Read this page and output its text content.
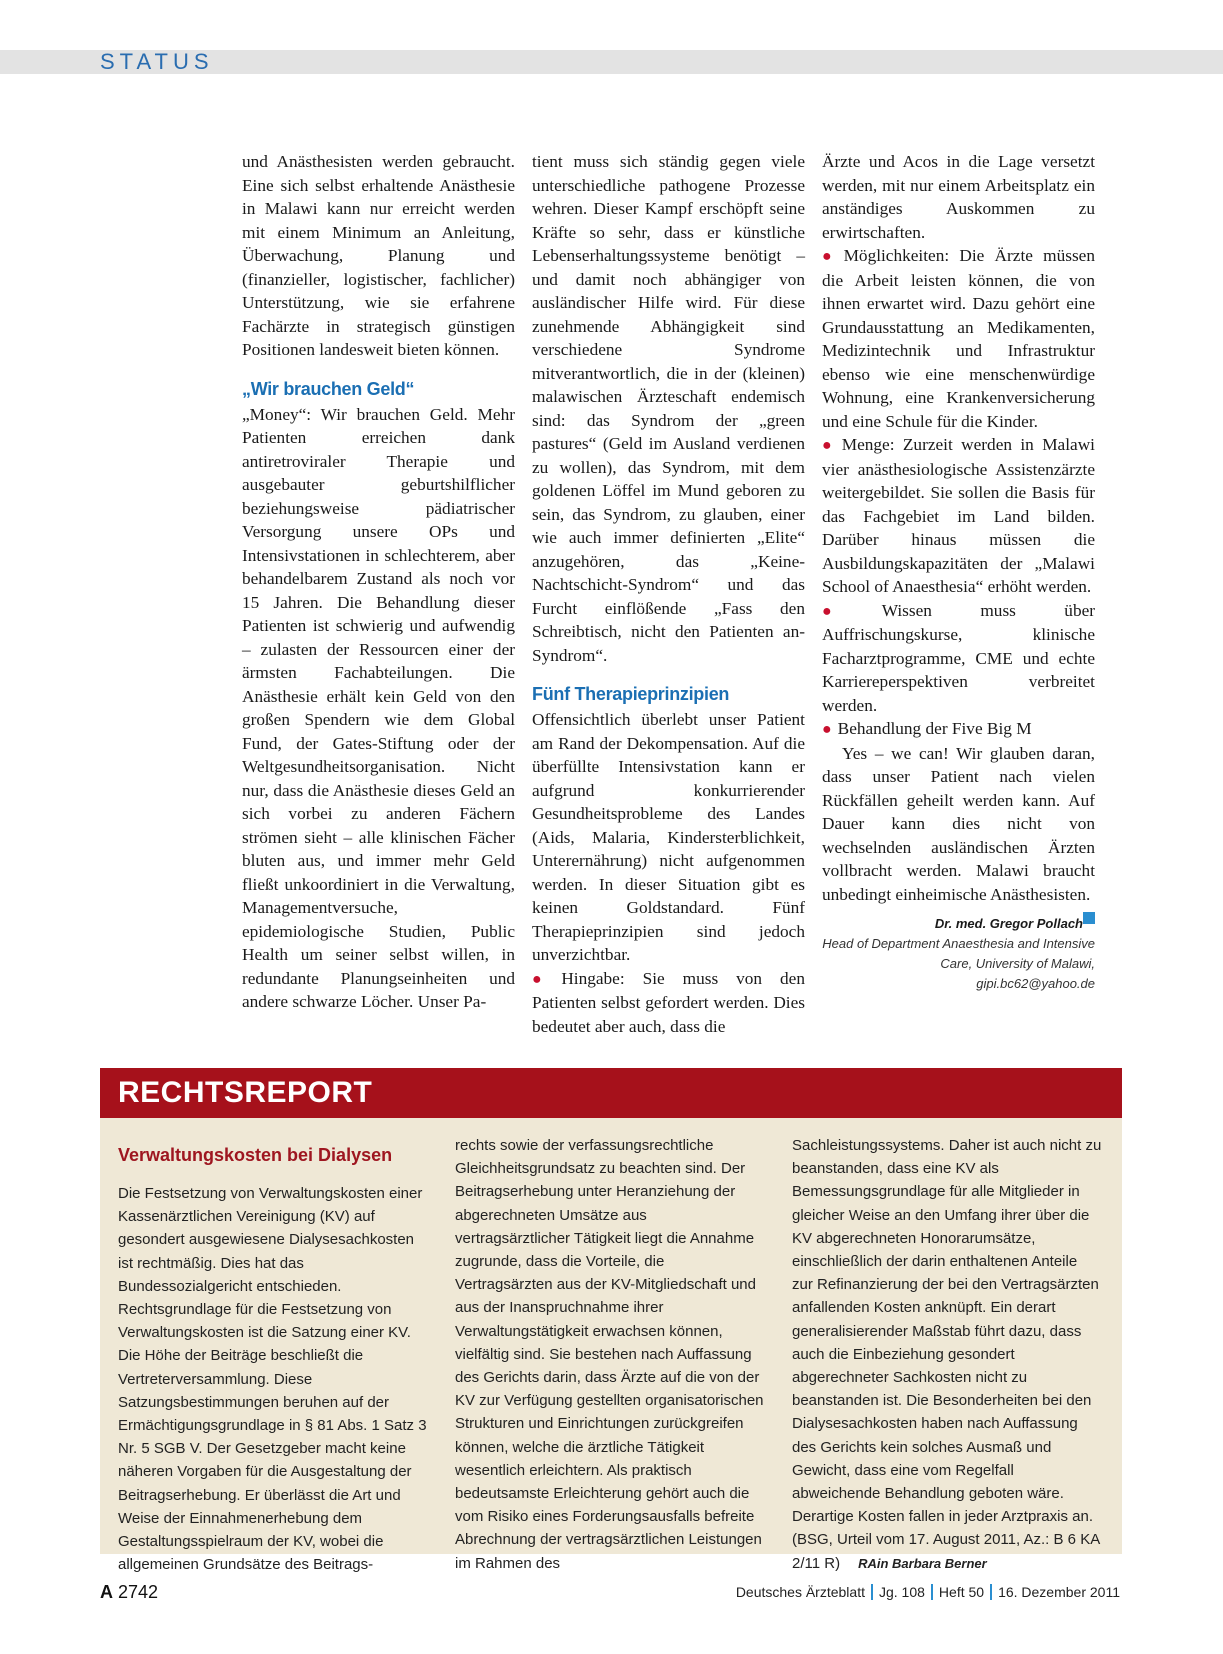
STATUS

und Anästhesisten werden gebraucht. Eine sich selbst erhaltende Anästhesie in Malawi kann nur erreicht werden mit einem Minimum an Anleitung, Überwachung, Planung und (finanzieller, logistischer, fachlicher) Unterstützung, wie sie erfahrene Fachärzte in strategisch günstigen Positionen landesweit bieten können.

„Wir brauchen Geld“

„Money“: Wir brauchen Geld. Mehr Patienten erreichen dank antiretroviraler Therapie und ausgebauter geburtshilflicher beziehungsweise pädiatrischer Versorgung unsere OPs und Intensivstationen in schlechterem, aber behandelbarem Zustand als noch vor 15 Jahren. Die Behandlung dieser Patienten ist schwierig und aufwendig – zulasten der Ressourcen einer der ärmsten Fachabteilungen. Die Anästhesie erhält kein Geld von den großen Spendern wie dem Global Fund, der Gates-Stiftung oder der Weltgesundheitsorganisation. Nicht nur, dass die Anästhesie dieses Geld an sich vorbei zu anderen Fächern strömen sieht – alle klinischen Fächer bluten aus, und immer mehr Geld fließt unkoordiniert in die Verwaltung, Managementversuche, epidemiologische Studien, Public Health um seiner selbst willen, in redundante Planungseinheiten und andere schwarze Löcher. Unser Pa-

tient muss sich ständig gegen viele unterschiedliche pathogene Prozesse wehren. Dieser Kampf erschöpft seine Kräfte so sehr, dass er künstliche Lebenserhaltungssysteme benötigt – und damit noch abhängiger von ausländischer Hilfe wird. Für diese zunehmende Abhängigkeit sind verschiedene Syndrome mitverantwortlich, die in der (kleinen) malawischen Ärzteschaft endemisch sind: das Syndrom der „green pastures“ (Geld im Ausland verdienen zu wollen), das Syndrom, mit dem goldenen Löffel im Mund geboren zu sein, das Syndrom, zu glauben, einer wie auch immer definierten „Elite“ anzugehören, das „Keine-Nachtschicht-Syndrom“ und das Furcht einflößende „Fass den Schreibtisch, nicht den Patienten an-Syndrom“.

Fünf Therapieprinzipien

Offensichtlich überlebt unser Patient am Rand der Dekompensation. Auf die überfüllte Intensivstation kann er aufgrund konkurrierender Gesundheitsprobleme des Landes (Aids, Malaria, Kindersterblichkeit, Unterernährung) nicht aufgenommen werden. In dieser Situation gibt es keinen Goldstandard. Fünf Therapieprinzipien sind jedoch unverzichtbar.

● Hingabe: Sie muss von den Patienten selbst gefordert werden. Dies bedeutet aber auch, dass die

Ärzte und Acos in die Lage versetzt werden, mit nur einem Arbeitsplatz ein anständiges Auskommen zu erwirtschaften.

● Möglichkeiten: Die Ärzte müssen die Arbeit leisten können, die von ihnen erwartet wird. Dazu gehört eine Grundausstattung an Medikamenten, Medizintechnik und Infrastruktur ebenso wie eine menschenwürdige Wohnung, eine Krankenversicherung und eine Schule für die Kinder.

● Menge: Zurzeit werden in Malawi vier anästhesiologische Assistenzärzte weitergebildet. Sie sollen die Basis für das Fachgebiet im Land bilden. Darüber hinaus müssen die Ausbildungskapazitäten der „Malawi School of Anaesthesia“ erhöht werden.

● Wissen muss über Auffrischungskurse, klinische Facharztprogramme, CME und echte Karriereperspektiven verbreitet werden.

● Behandlung der Five Big M

Yes – we can! Wir glauben daran, dass unser Patient nach vielen Rückfällen geheilt werden kann. Auf Dauer kann dies nicht von wechselnden ausländischen Ärzten vollbracht werden. Malawi braucht unbedingt einheimische Anästhesisten.

Dr. med. Gregor Pollach
Head of Department Anaesthesia and Intensive
Care, University of Malawi, gipi.bc62@yahoo.de
RECHTSREPORT
Verwaltungskosten bei Dialysen

Die Festsetzung von Verwaltungskosten einer Kassenärztlichen Vereinigung (KV) auf gesondert ausgewiesene Dialysesachkosten ist rechtmäßig. Dies hat das Bundessozialgericht entschieden. Rechtsgrundlage für die Festsetzung von Verwaltungskosten ist die Satzung einer KV. Die Höhe der Beiträge beschließt die Vertreterversammlung. Diese Satzungsbestimmungen beruhen auf der Ermächtigungsgrundlage in § 81 Abs. 1 Satz 3 Nr. 5 SGB V. Der Gesetzgeber macht keine näheren Vorgaben für die Ausgestaltung der Beitragserhebung. Er überlässt die Art und Weise der Einnahmenerhebung dem Gestaltungsspielraum der KV, wobei die allgemeinen Grundsätze des Beitrags-

rechts sowie der verfassungsrechtliche Gleichheitsgrundsatz zu beachten sind. Der Beitragserhebung unter Heranziehung der abgerechneten Umsätze aus vertragsärztlicher Tätigkeit liegt die Annahme zugrunde, dass die Vorteile, die Vertragsärzten aus der KV-Mitgliedschaft und aus der Inanspruchnahme ihrer Verwaltungstätigkeit erwachsen können, vielfältig sind. Sie bestehen nach Auffassung des Gerichts darin, dass Ärzte auf die von der KV zur Verfügung gestellten organisatorischen Strukturen und Einrichtungen zurückgreifen können, welche die ärztliche Tätigkeit wesentlich erleichtern. Als praktisch bedeutsamste Erleichterung gehört auch die vom Risiko eines Forderungsausfalls befreite Abrechnung der vertragsärztlichen Leistungen im Rahmen des

Sachleistungssystems. Daher ist auch nicht zu beanstanden, dass eine KV als Bemessungsgrundlage für alle Mitglieder in gleicher Weise an den Umfang ihrer über die KV abgerechneten Honorarumsätze, einschließlich der darin enthaltenen Anteile zur Refinanzierung der bei den Vertragsärzten anfallenden Kosten anknüpft. Ein derart generalisierender Maßstab führt dazu, dass auch die Einbeziehung gesondert abgerechneter Sachkosten nicht zu beanstanden ist. Die Besonderheiten bei den Dialysesachkosten haben nach Auffassung des Gerichts kein solches Ausmaß und Gewicht, dass eine vom Regelfall abweichende Behandlung geboten wäre. Derartige Kosten fallen in jeder Arztpraxis an. (BSG, Urteil vom 17. August 2011, Az.: B 6 KA 2/11 R) RAin Barbara Berner

A 2742	Deutsches Ärzteblatt Jg. 108 Heft 50 16. Dezember 2011
